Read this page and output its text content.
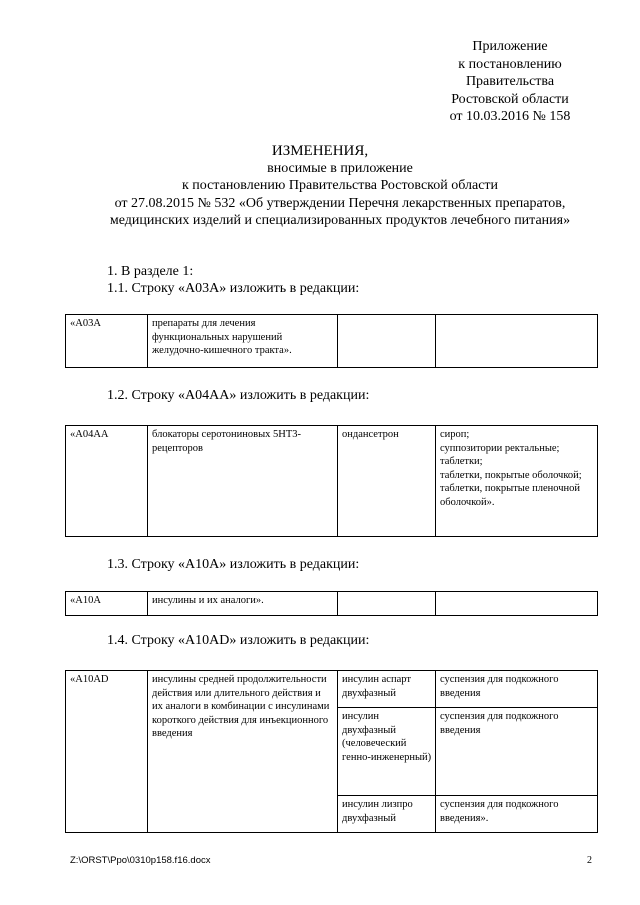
Приложение
к постановлению
Правительства
Ростовской области
от 10.03.2016 № 158
ИЗМЕНЕНИЯ,
вносимые в приложение
к постановлению Правительства Ростовской области
от 27.08.2015 № 532 «Об утверждении Перечня лекарственных препаратов,
медицинских изделий и специализированных продуктов лечебного питания»
1. В разделе 1:
1.1. Строку «A03A» изложить в редакции:
«A03A	препараты для лечения функциональных нарушений желудочно-кишечного тракта».		
1.2. Строку «A04AA» изложить в редакции:
«A04AA	блокаторы серотониновых 5HT3-рецепторов	ондансетрон	сироп;
суппозитории ректальные;
таблетки;
таблетки, покрытые оболочкой;
таблетки, покрытые пленочной оболочкой».
1.3. Строку «A10A» изложить в редакции:
«A10A	инсулины и их аналоги».		
1.4. Строку «A10AD» изложить в редакции:
«A10AD	инсулины средней продолжительности действия или длительного действия и их аналоги в комбинации с инсулинами короткого действия для инъекционного введения	инсулин аспарт двухфазный	суспензия для подкожного введения
		инсулин двухфазный (человеческий генно-инженерный)	суспензия для подкожного введения
		инсулин лизпро двухфазный	суспензия для подкожного введения».
Z:\ORST\Ppo\0310p158.f16.docx	2
